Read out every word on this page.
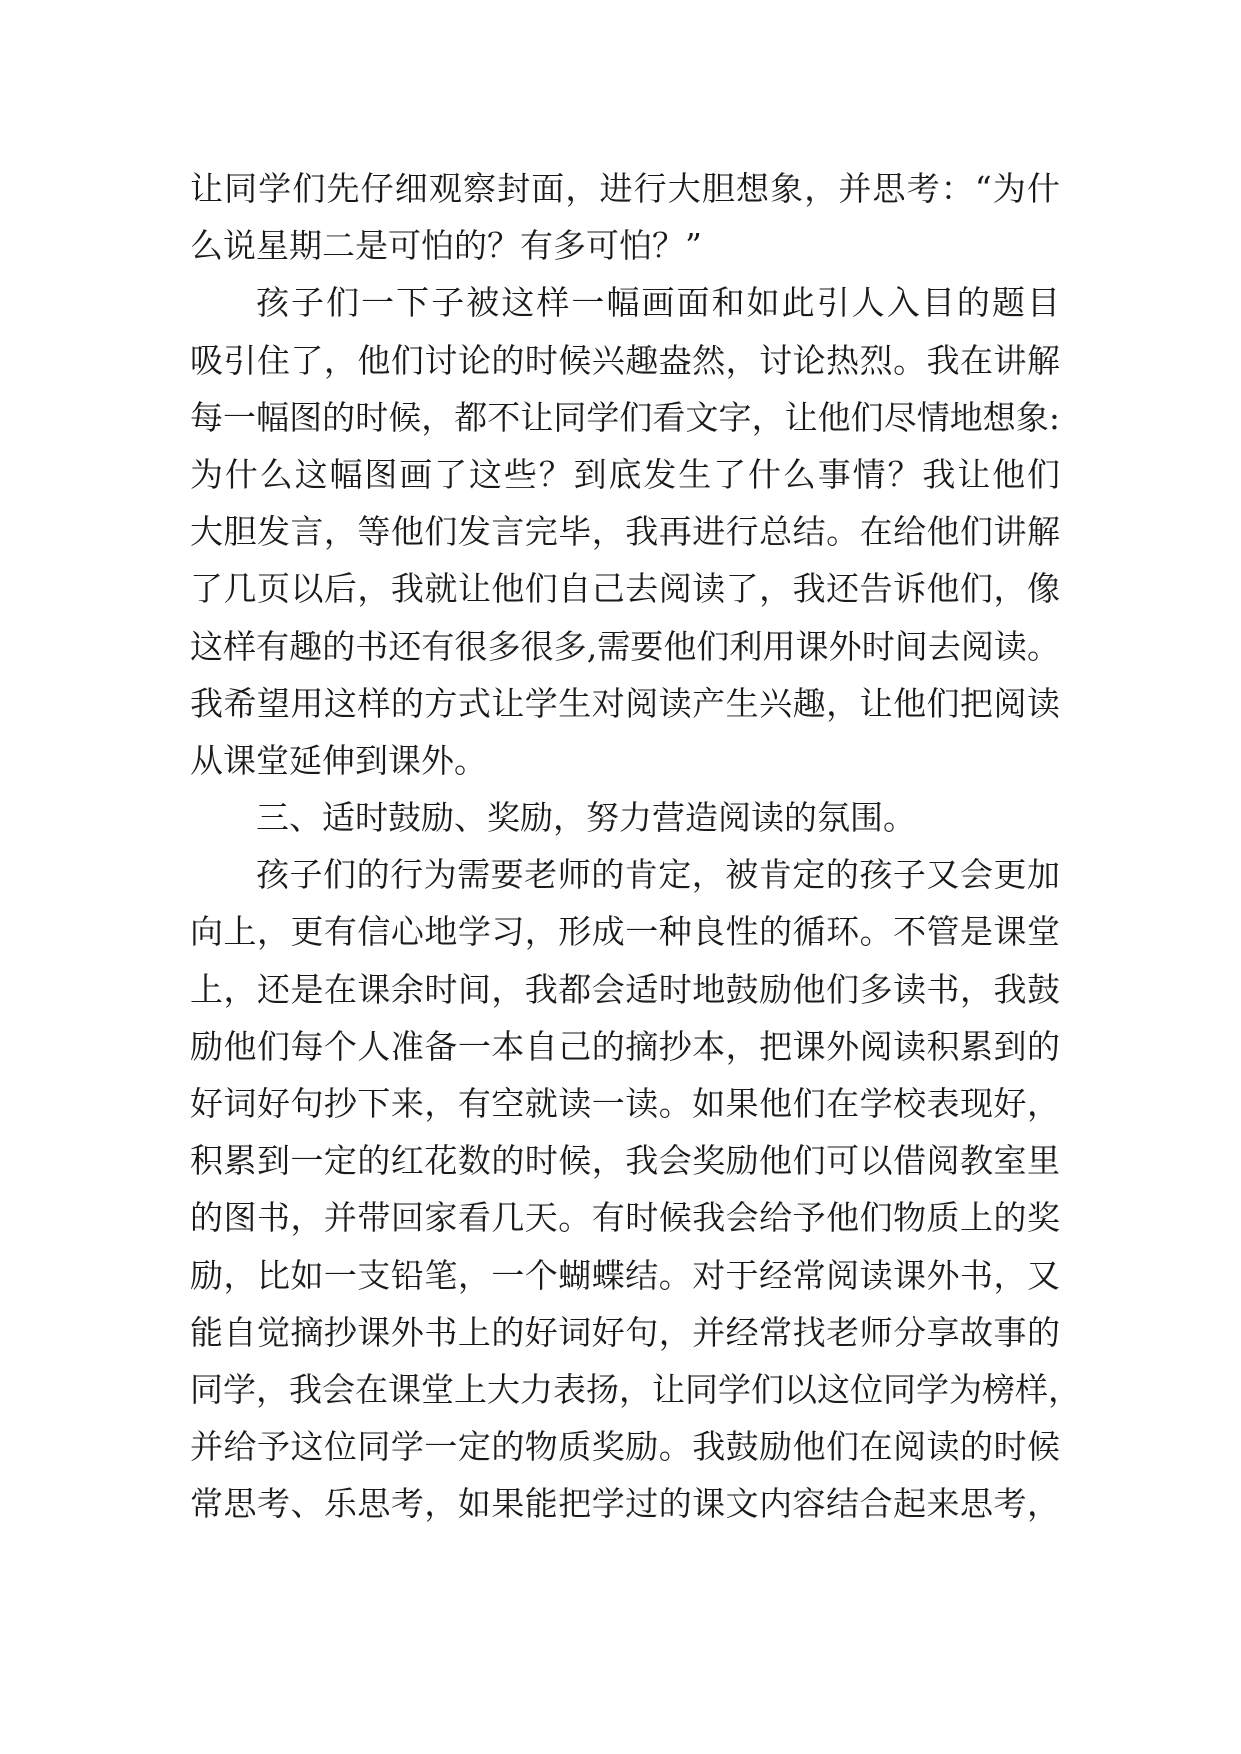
让同学们先仔细观察封面，进行大胆想象，并思考：“为什
么说星期二是可怕的？有多可怕？”
孩子们一下子被这样一幅画面和如此引人入目的题目
吸引住了，他们讨论的时候兴趣盎然，讨论热烈。我在讲解
每一幅图的时候，都不让同学们看文字，让他们尽情地想象:
为什么这幅图画了这些？到底发生了什么事情？我让他们
大胆发言，等他们发言完毕，我再进行总结。在给他们讲解
了几页以后，我就让他们自己去阅读了，我还告诉他们，像
这样有趣的书还有很多很多,需要他们利用课外时间去阅读。
我希望用这样的方式让学生对阅读产生兴趣，让他们把阅读
从课堂延伸到课外。
三、适时鼓励、奖励，努力营造阅读的氛围。
孩子们的行为需要老师的肯定，被肯定的孩子又会更加
向上，更有信心地学习，形成一种良性的循环。不管是课堂
上，还是在课余时间，我都会适时地鼓励他们多读书，我鼓
励他们每个人准备一本自己的摘抄本，把课外阅读积累到的
好词好句抄下来，有空就读一读。如果他们在学校表现好，
积累到一定的红花数的时候，我会奖励他们可以借阅教室里
的图书，并带回家看几天。有时候我会给予他们物质上的奖
励，比如一支铅笔，一个蝴蝶结。对于经常阅读课外书，又
能自觉摘抄课外书上的好词好句，并经常找老师分享故事的
同学，我会在课堂上大力表扬，让同学们以这位同学为榜样，
并给予这位同学一定的物质奖励。我鼓励他们在阅读的时候
常思考、乐思考，如果能把学过的课文内容结合起来思考，
